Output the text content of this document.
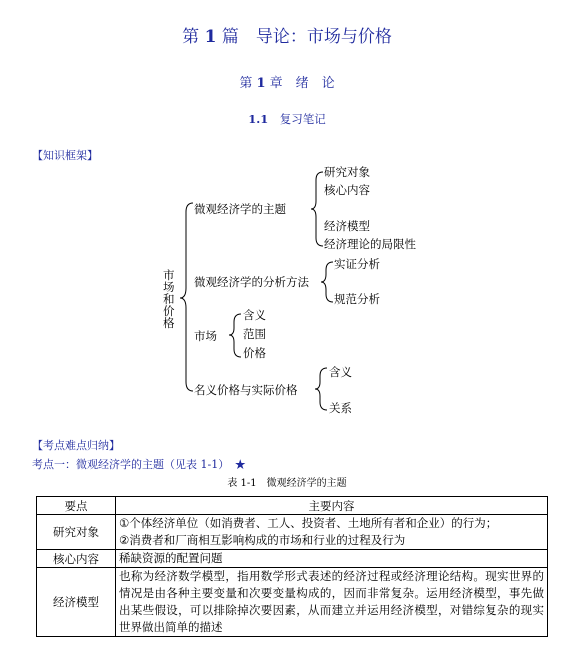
第 1 篇　导论：市场与价格
第 1 章　绪　论
1.1　 复习笔记
【知识框架】
市
场
和
价
格
微观经济学的主题
微观经济学的分析方法
市场
名义价格与实际价格
研究对象
核心内容
经济模型
经济理论的局限性
实证分析
规范分析
含义
范围
价格
含义
关系
【考点难点归纳】
考点一：微观经济学的主题（见表 1-1）　 ★
表 1-1　微观经济学的主题
要点	主要内容
研究对象	①个体经济单位（如消费者、工人、投资者、土地所有者和企业）的行为；
②消费者和厂商相互影响构成的市场和行业的过程及行为
核心内容	稀缺资源的配置问题
经济模型	也称为经济数学模型，指用数学形式表述的经济过程或经济理论结构。现实世界的情况是由各种主要变量和次要变量构成的，因而非常复杂。运用经济模型，事先做出某些假设，可以排除掉次要因素，从而建立并运用经济模型，对错综复杂的现实世界做出简单的描述
